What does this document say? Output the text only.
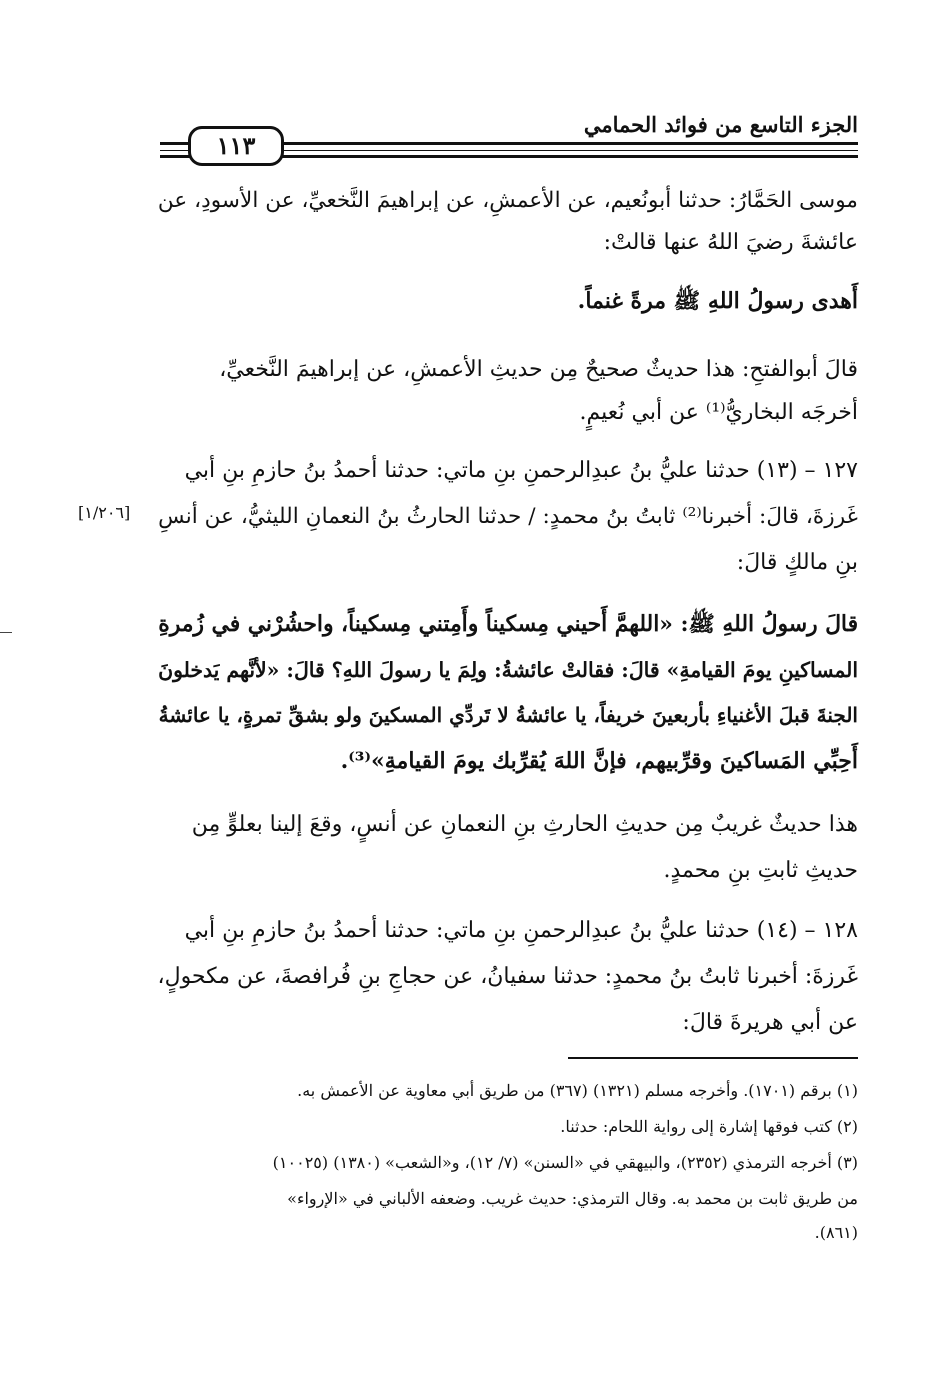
١١٣
الجزء التاسع من فوائد الحمامي
موسى الحَمَّارُ: حدثنا أبونُعيم، عن الأعمشِ، عن إبراهيمَ النَّخعيِّ، عن الأسودِ، عن
عائشةَ رضيَ اللهُ عنها قالتْ:
أَهدى رسولُ اللهِ ﷺ مرةً غنماً.
قالَ أبوالفتحِ: هذا حديثٌ صحيحٌ مِن حديثِ الأعمشِ، عن إبراهيمَ النَّخعيِّ،
أخرجَه البخاريُّ⁽¹⁾ عن أبي نُعيمٍ.
١٢٧ – (١٣) حدثنا عليُّ بنُ عبدِالرحمنِ بنِ ماتي: حدثنا أحمدُ بنُ حازمِ بنِ أبي
غَرزةَ، قالَ: أخبرنا⁽²⁾ ثابتُ بنُ محمدٍ: / حدثنا الحارثُ بنُ النعمانِ الليثيُّ، عن أنسِ
بنِ مالكٍ قالَ:
قالَ رسولُ اللهِ ﷺ: «اللهمَّ أَحيني مِسكيناً وأَمِتني مِسكيناً، واحشُرْني في زُمرةِ
المساكينِ يومَ القيامةِ» قالَ: فقالتْ عائشةُ: ولِمَ يا رسولَ اللهِ؟ قالَ: «لأنَّهم يَدخلونَ
الجنةَ قبلَ الأغنياءِ بأربعينَ خريفاً، يا عائشةُ لا تَردِّي المسكينَ ولو بشقِّ تمرةٍ، يا عائشةُ
أَحِبِّي المَساكينَ وقرِّبيهم، فإنَّ اللهَ يُقرِّبك يومَ القيامةِ»⁽³⁾.
هذا حديثٌ غريبٌ مِن حديثِ الحارثِ بنِ النعمانِ عن أنسٍ، وقعَ إلينا بعلوٍّ مِن
حديثِ ثابتِ بنِ محمدٍ.
١٢٨ – (١٤) حدثنا عليُّ بنُ عبدِالرحمنِ بنِ ماتي: حدثنا أحمدُ بنُ حازمِ بنِ أبي
غَرزةَ: أخبرنا ثابتُ بنُ محمدٍ: حدثنا سفيانُ، عن حجاجِ بنِ فُرافصةَ، عن مكحولٍ،
عن أبي هريرةَ قالَ:
[١/٢٠٦]
(١) برقم (١٧٠١). وأخرجه مسلم (١٣٢١) (٣٦٧) من طريق أبي معاوية عن الأعمش به.
(٢) كتب فوقها إشارة إلى رواية اللحام: حدثنا.
(٣) أخرجه الترمذي (٢٣٥٢)، والبيهقي في «السنن» (٧/ ١٢)، و«الشعب» (١٣٨٠) (١٠٠٢٥)
من طريق ثابت بن محمد به. وقال الترمذي: حديث غريب. وضعفه الألباني في «الإرواء»
(٨٦١).
